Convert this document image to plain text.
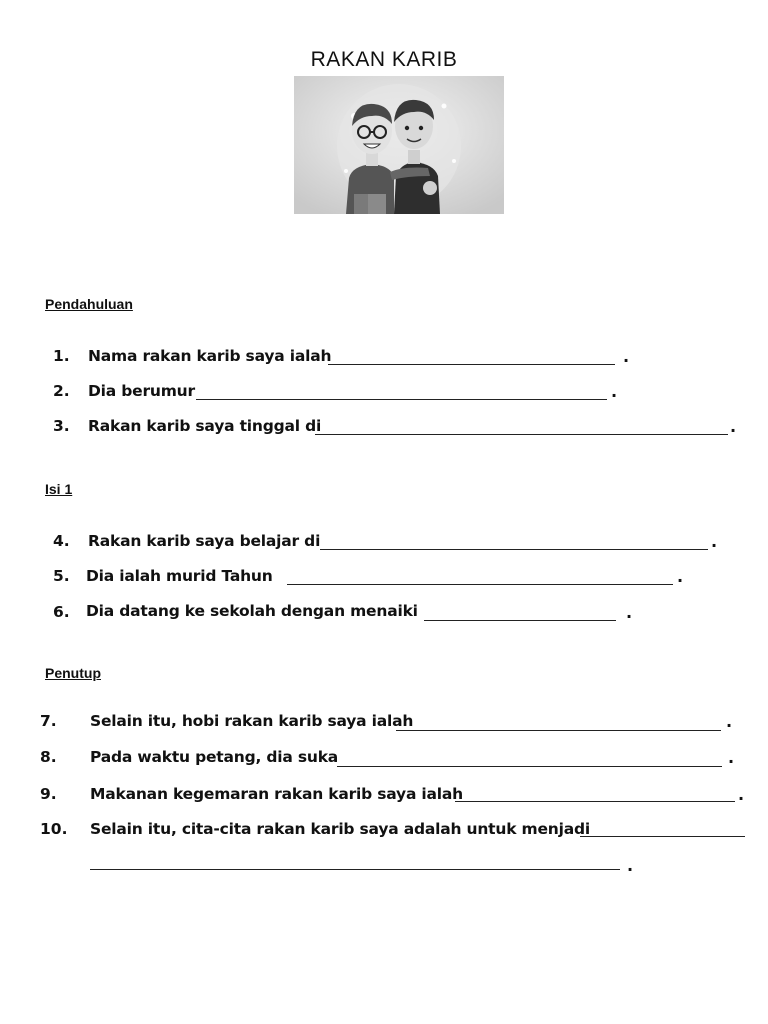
RAKAN KARIB
Pendahuluan
Isi 1
Penutup
1. Nama rakan karib saya ialah	.
2. Dia berumur	.
3. Rakan karib saya tinggal di	.
4. Rakan karib saya belajar di	.
5. Dia ialah murid Tahun	.
6. Dia datang ke sekolah dengan menaiki	.
7. Selain itu, hobi rakan karib saya ialah	.
8. Pada waktu petang, dia suka	.
9. Makanan kegemaran rakan karib saya ialah	.
10. Selain itu, cita-cita rakan karib saya adalah untuk menjadi
.
